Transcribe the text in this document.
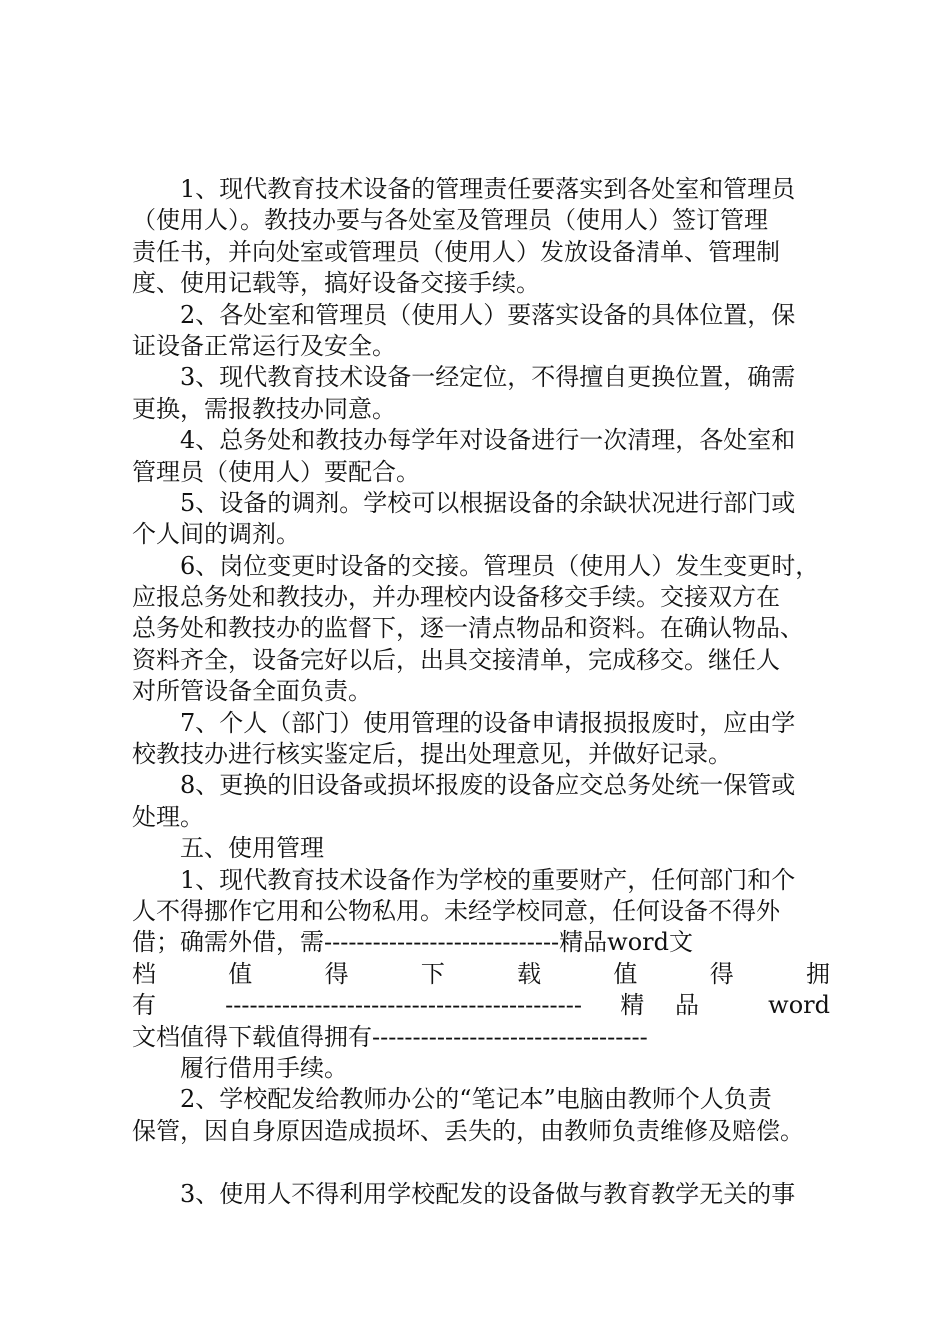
1、现代教育技术设备的管理责任要落实到各处室和管理员
（使用人）。教技办要与各处室及管理员（使用人）签订管理
责任书，并向处室或管理员（使用人）发放设备清单、管理制
度、使用记载等，搞好设备交接手续。
2、各处室和管理员（使用人）要落实设备的具体位置，保
证设备正常运行及安全。
3、现代教育技术设备一经定位，不得擅自更换位置，确需
更换，需报教技办同意。
4、总务处和教技办每学年对设备进行一次清理，各处室和
管理员（使用人）要配合。
5、设备的调剂。学校可以根据设备的余缺状况进行部门或
个人间的调剂。
6、岗位变更时设备的交接。管理员（使用人）发生变更时，
应报总务处和教技办，并办理校内设备移交手续。交接双方在
总务处和教技办的监督下，逐一清点物品和资料。在确认物品、
资料齐全，设备完好以后，出具交接清单，完成移交。继任人
对所管设备全面负责。
7、个人（部门）使用管理的设备申请报损报废时，应由学
校教技办进行核实鉴定后，提出处理意见，并做好记录。
8、更换的旧设备或损坏报废的设备应交总务处统一保管或
处理。
五、使用管理
1、现代教育技术设备作为学校的重要财产，任何部门和个
人不得挪作它用和公物私用。未经学校同意，任何设备不得外
借；确需外借，需-----------------------------精品word文
档 值 得 下 载 值 得 拥
有 -------------------------------------------- 精品 word
文档值得下载值得拥有----------------------------------
履行借用手续。
2、学校配发给教师办公的“笔记本”电脑由教师个人负责
保管，因自身原因造成损坏、丢失的，由教师负责维修及赔偿。
3、使用人不得利用学校配发的设备做与教育教学无关的事
